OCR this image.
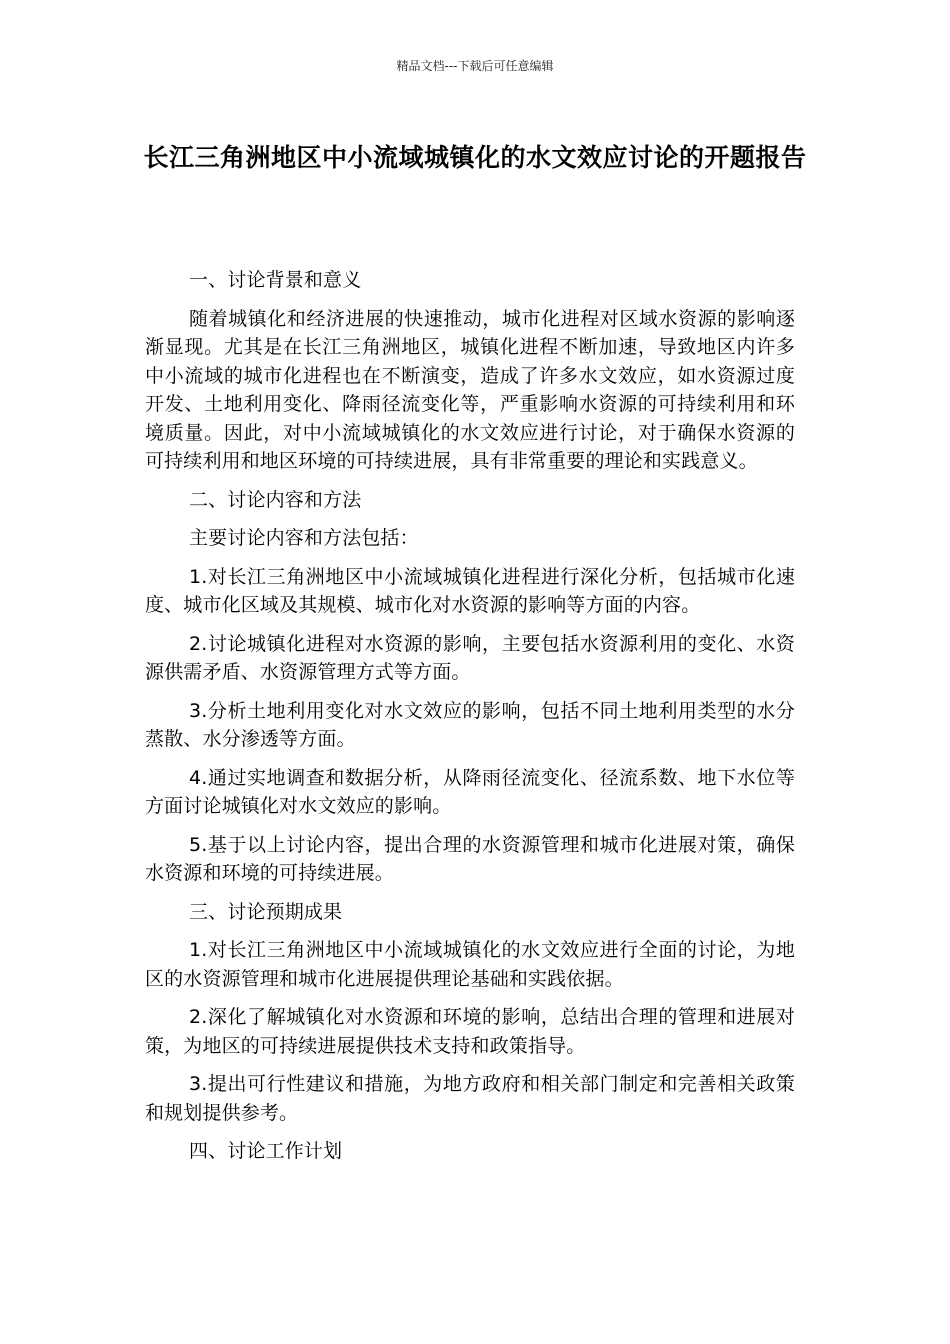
精品文档---下载后可任意编辑
长江三角洲地区中小流域城镇化的水文效应讨论的开题报告

一、讨论背景和意义

随着城镇化和经济进展的快速推动，城市化进程对区域水资源的影响逐渐显现。尤其是在长江三角洲地区，城镇化进程不断加速，导致地区内许多中小流域的城市化进程也在不断演变，造成了许多水文效应，如水资源过度开发、土地利用变化、降雨径流变化等，严重影响水资源的可持续利用和环境质量。因此，对中小流域城镇化的水文效应进行讨论，对于确保水资源的可持续利用和地区环境的可持续进展，具有非常重要的理论和实践意义。

二、讨论内容和方法

主要讨论内容和方法包括：

1.对长江三角洲地区中小流域城镇化进程进行深化分析，包括城市化速度、城市化区域及其规模、城市化对水资源的影响等方面的内容。

2.讨论城镇化进程对水资源的影响，主要包括水资源利用的变化、水资源供需矛盾、水资源管理方式等方面。

3.分析土地利用变化对水文效应的影响，包括不同土地利用类型的水分蒸散、水分渗透等方面。

4.通过实地调查和数据分析，从降雨径流变化、径流系数、地下水位等方面讨论城镇化对水文效应的影响。

5.基于以上讨论内容，提出合理的水资源管理和城市化进展对策，确保水资源和环境的可持续进展。

三、讨论预期成果

1.对长江三角洲地区中小流域城镇化的水文效应进行全面的讨论，为地区的水资源管理和城市化进展提供理论基础和实践依据。

2.深化了解城镇化对水资源和环境的影响，总结出合理的管理和进展对策，为地区的可持续进展提供技术支持和政策指导。

3.提出可行性建议和措施，为地方政府和相关部门制定和完善相关政策和规划提供参考。

四、讨论工作计划
